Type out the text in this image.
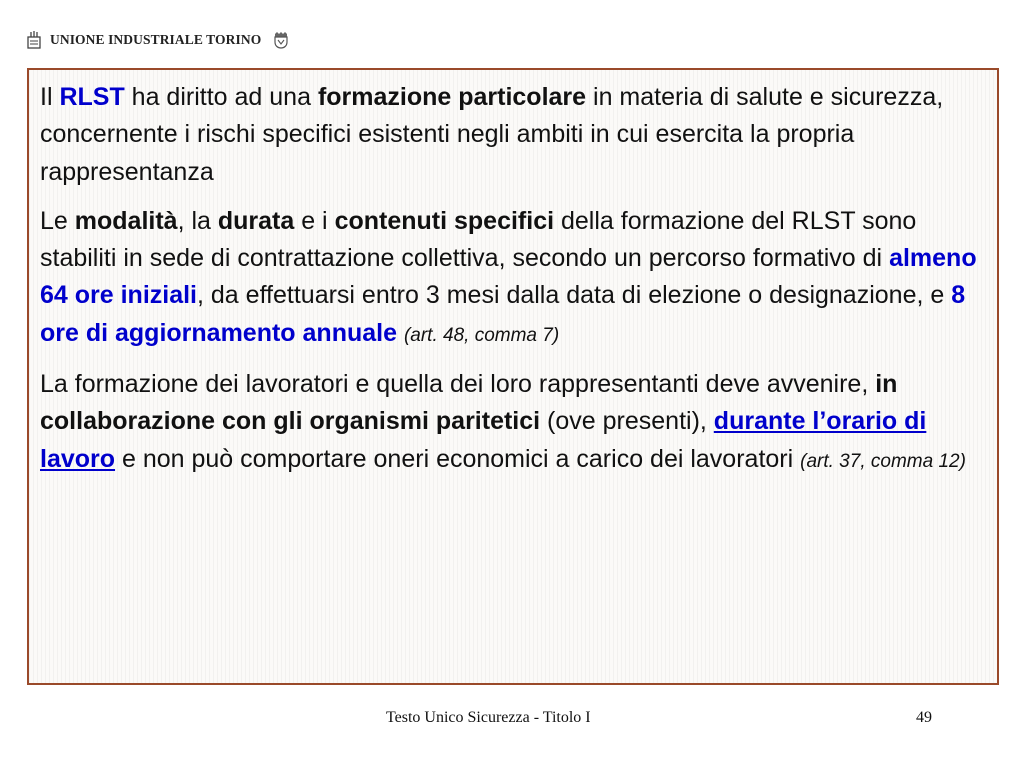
UNIONE INDUSTRIALE TORINO

Il RLST ha diritto ad una formazione particolare in materia di salute e sicurezza, concernente i rischi specifici esistenti negli ambiti in cui esercita la propria rappresentanza

Le modalità, la durata e i contenuti specifici della formazione del RLST sono stabiliti in sede di contrattazione collettiva, secondo un percorso formativo di almeno 64 ore iniziali, da effettuarsi entro 3 mesi dalla data di elezione o designazione, e 8 ore di aggiornamento annuale (art. 48, comma 7)

La formazione dei lavoratori e quella dei loro rappresentanti deve avvenire, in collaborazione con gli organismi paritetici (ove presenti), durante l’orario di lavoro e non può comportare oneri economici a carico dei lavoratori (art. 37, comma 12)

Testo Unico Sicurezza - Titolo I	49
